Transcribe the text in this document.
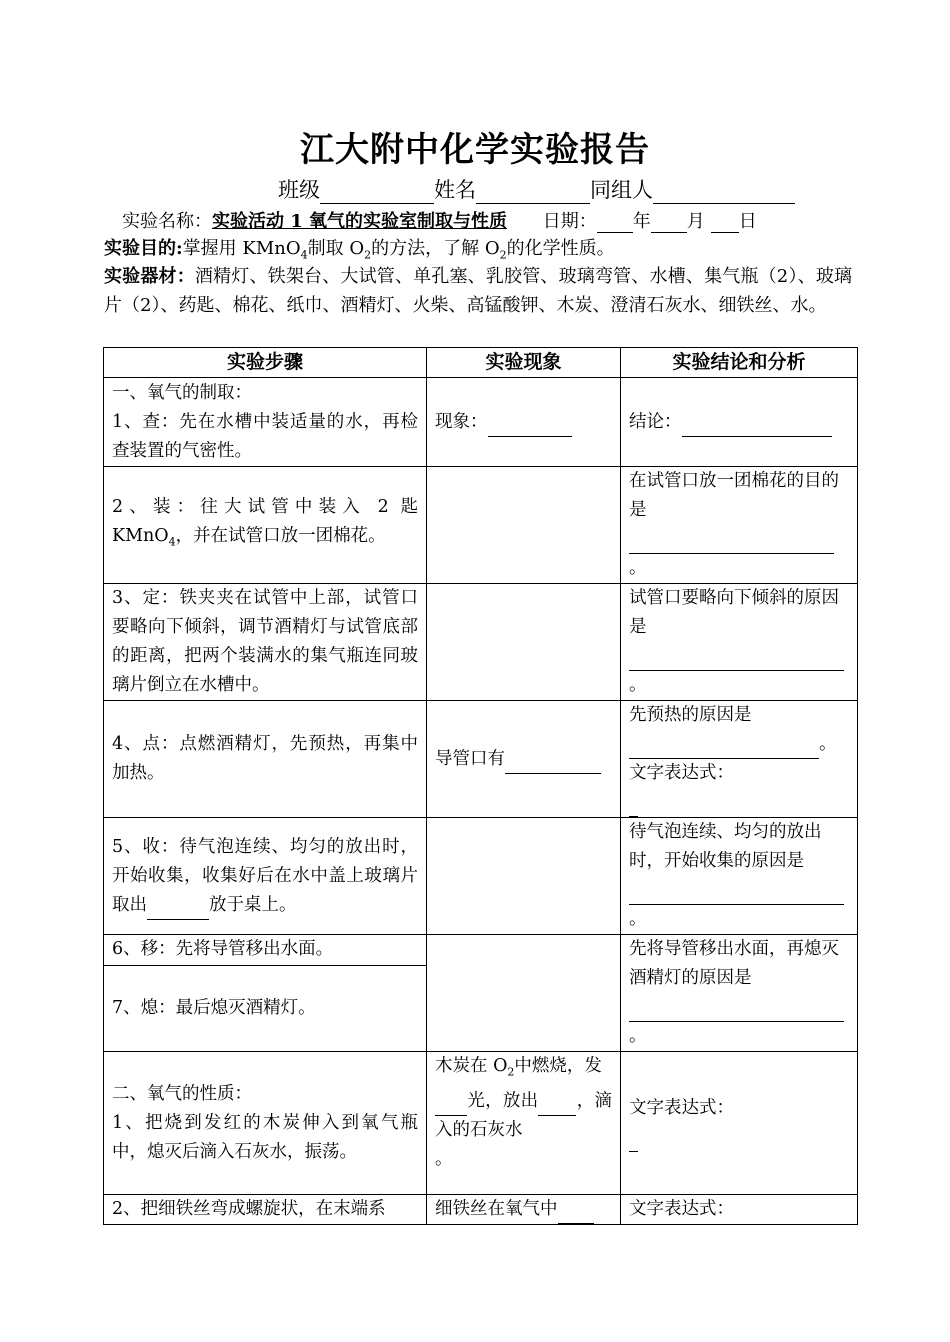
江大附中化学实验报告
班级	姓名	同组人
实验名称：实验活动 1 氧气的实验室制取与性质 日期： 年 月 日
实验目的:掌握用 KMnO$_4$制取 $O_2$的方法，了解 $O_2$的化学性质。
实验器材：酒精灯、铁架台、大试管、单孔塞、乳胶管、玻璃弯管、水槽、集气瓶（2）、玻璃片（2）、药匙、棉花、纸巾、酒精灯、火柴、高锰酸钾、木炭、澄清石灰水、细铁丝、水。
实验步骤	实验现象	实验结论和分析
一、氧气的制取：
1、查：先在水槽中装适量的水，再检查装置的气密性。	现象：	结论：
2、装：往大试管中装入 2 匙 KMnO$_4$，并在试管口放一团棉花。		在试管口放一团棉花的目的是

。
3、定：铁夹夹在试管中上部，试管口要略向下倾斜，调节酒精灯与试管底部的距离，把两个装满水的集气瓶连同玻璃片倒立在水槽中。		试管口要略向下倾斜的原因是

。
4、点：点燃酒精灯，先预热，再集中加热。	导管口有	先预热的原因是
。
文字表达式：

5、收：待气泡连续、均匀的放出时，开始收集，收集好后在水中盖上玻璃片取出 放于桌上。		待气泡连续、均匀的放出时，开始收集的原因是

。
6、移：先将导管移出水面。		先将导管移出水面，再熄灭酒精灯的原因是

。
7、熄：最后熄灭酒精灯。		
二、氧气的性质：
1、把烧到发红的木炭伸入到氧气瓶中，熄灭后滴入石灰水，振荡。	木炭在 $O_2$中燃烧，发
光，放出 ，滴入的石灰水
。	文字表达式：

2、把细铁丝弯成螺旋状，在末端系	细铁丝在氧气中	文字表达式：
